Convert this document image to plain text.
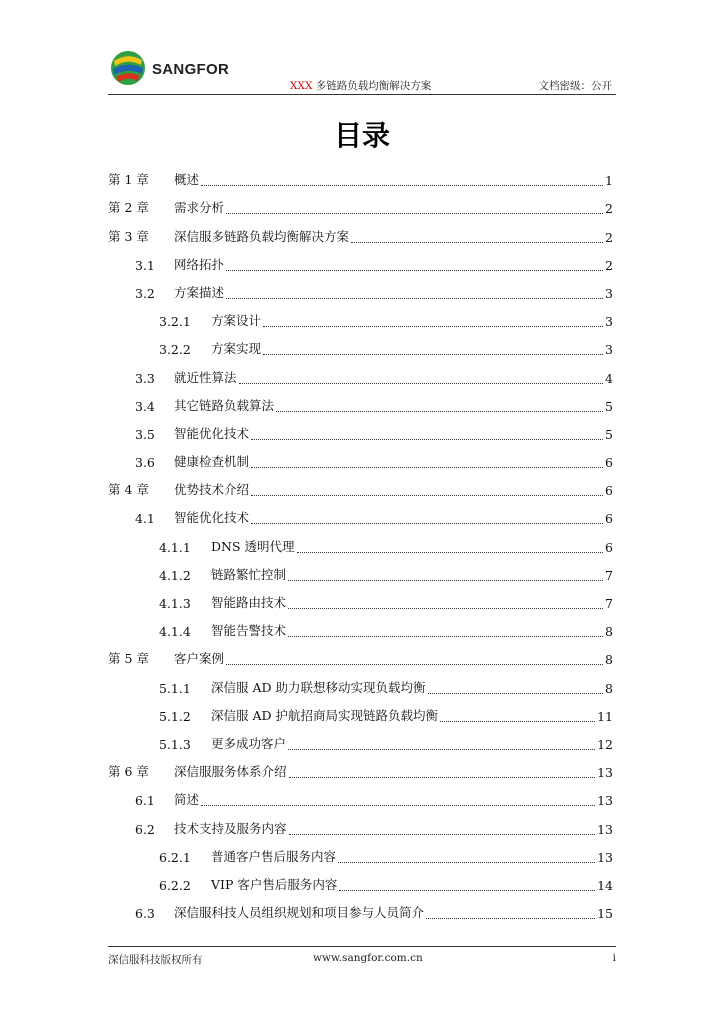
SANGFOR
XXX 多链路负载均衡解决方案	文档密级：公开
目录
第 1 章	概述	1
第 2 章	需求分析	2
第 3 章	深信服多链路负载均衡解决方案	2
3.1	网络拓扑	2
3.2	方案描述	3
3.2.1	方案设计	3
3.2.2	方案实现	3
3.3	就近性算法	4
3.4	其它链路负载算法	5
3.5	智能优化技术	5
3.6	健康检查机制	6
第 4 章	优势技术介绍	6
4.1	智能优化技术	6
4.1.1	DNS 透明代理	6
4.1.2	链路繁忙控制	7
4.1.3	智能路由技术	7
4.1.4	智能告警技术	8
第 5 章	客户案例	8
5.1.1	深信服 AD 助力联想移动实现负载均衡	8
5.1.2	深信服 AD 护航招商局实现链路负载均衡	11
5.1.3	更多成功客户	12
第 6 章	深信服服务体系介绍	13
6.1	简述	13
6.2	技术支持及服务内容	13
6.2.1	普通客户售后服务内容	13
6.2.2	VIP 客户售后服务内容	14
6.3	深信服科技人员组织规划和项目参与人员简介	15
深信服科技版权所有	www.sangfor.com.cn	i
